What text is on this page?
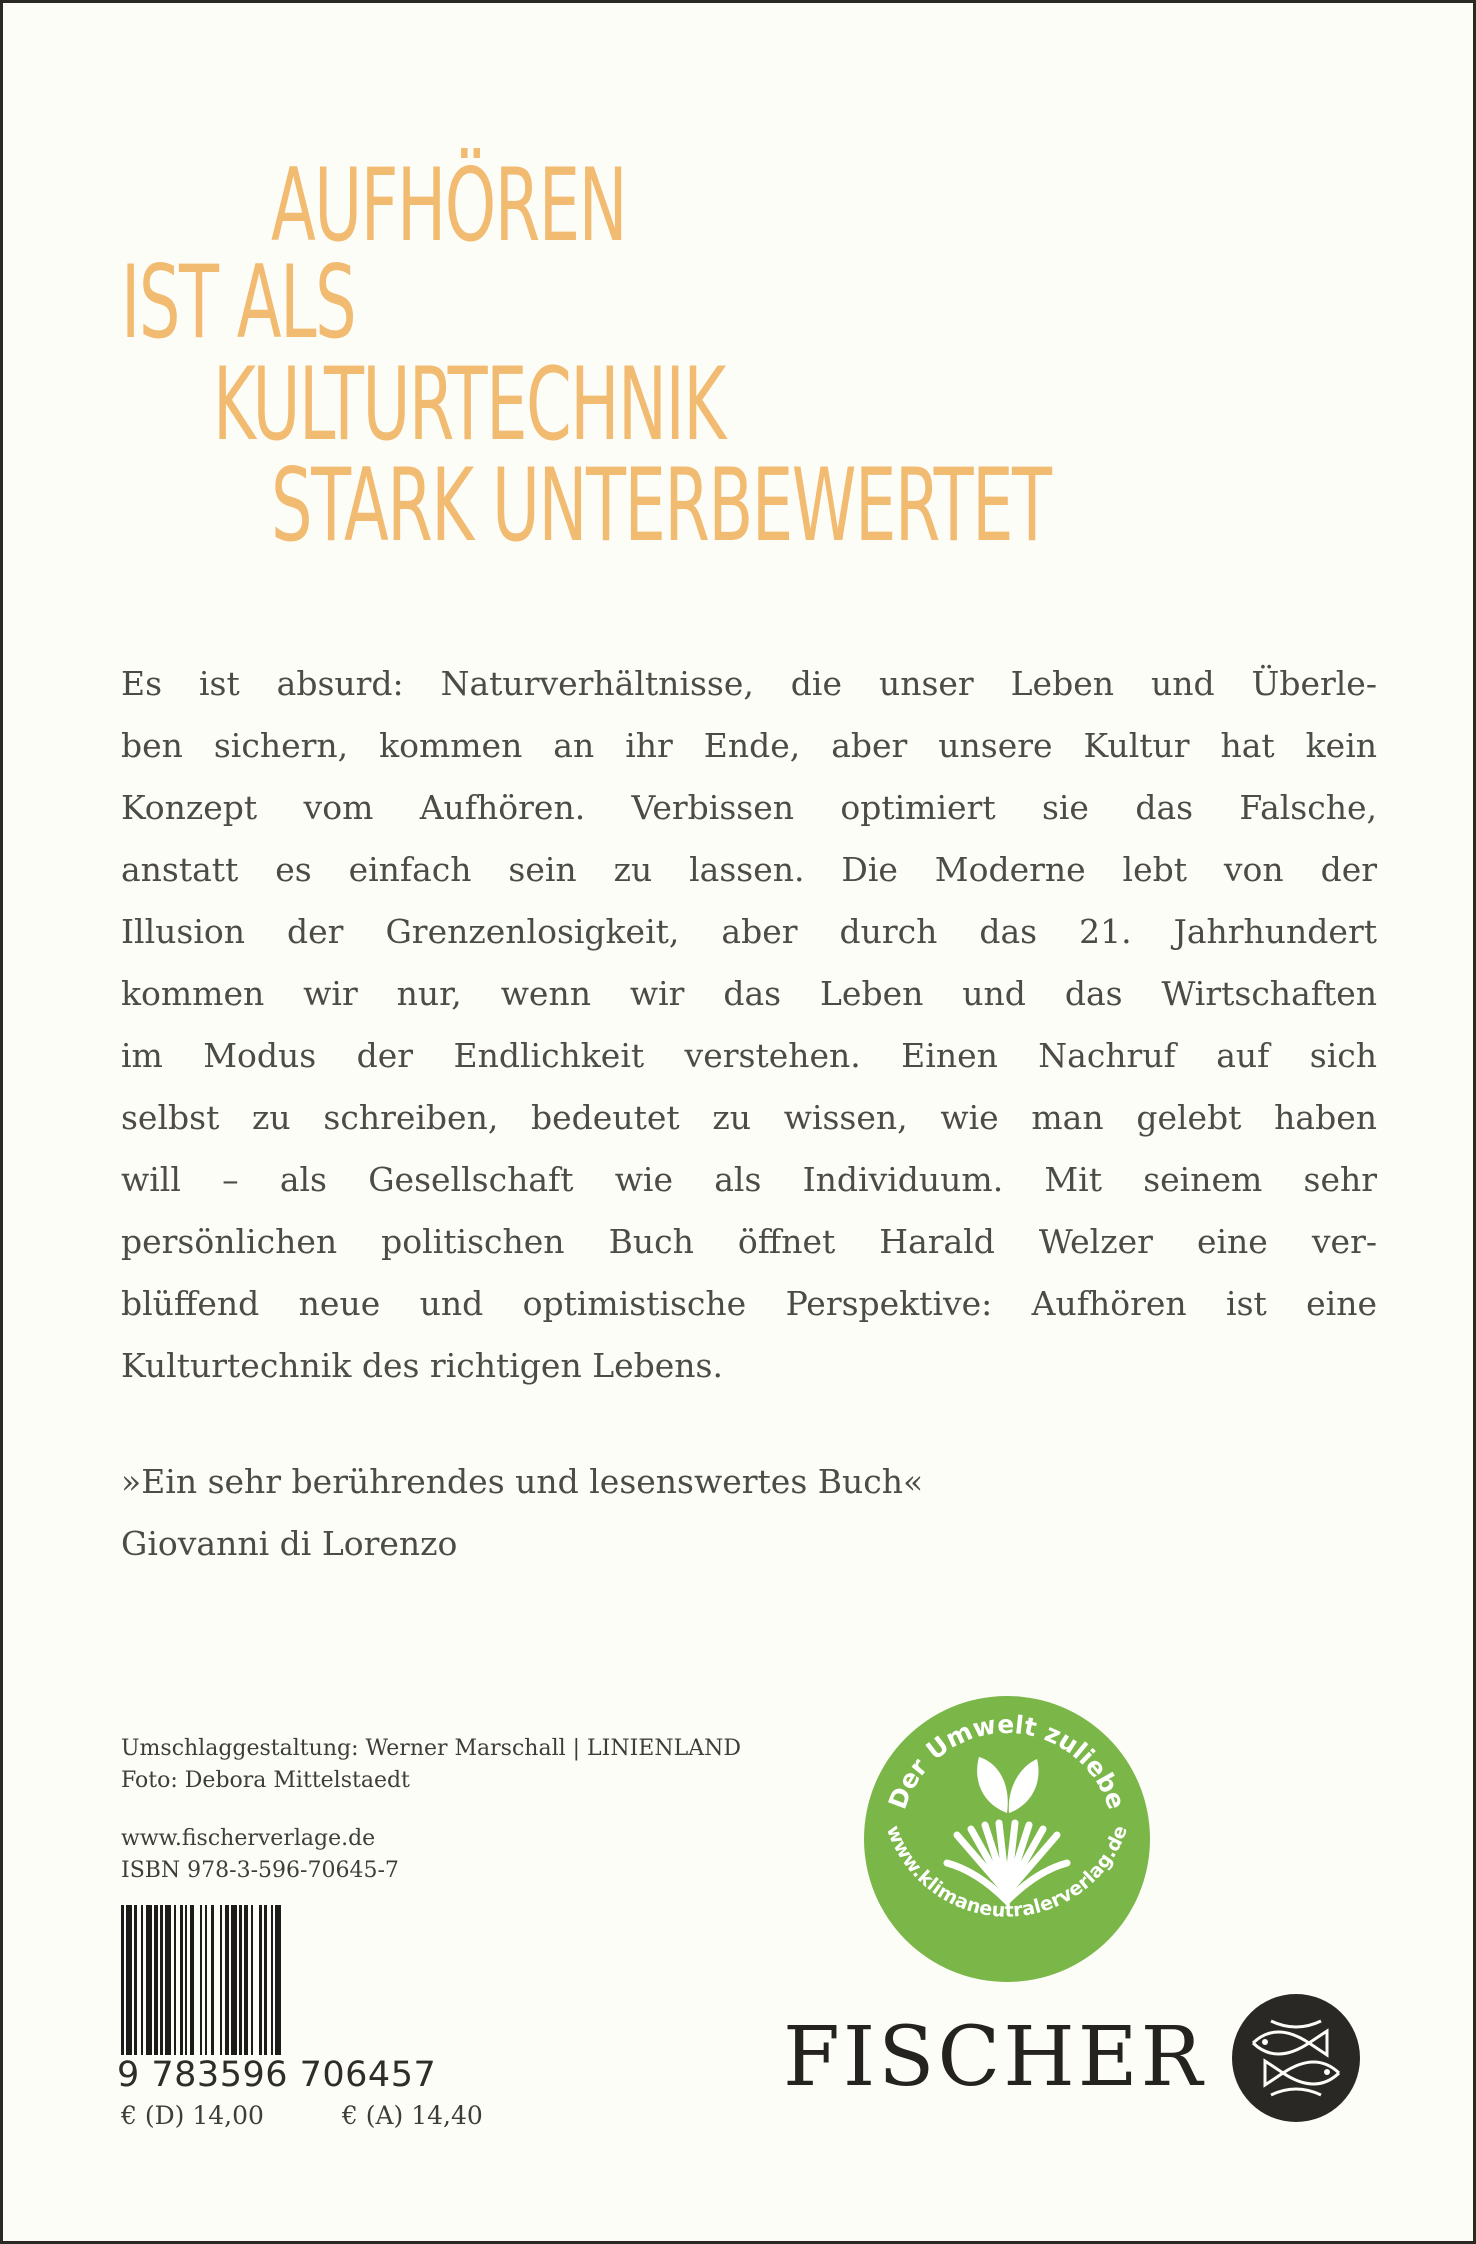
AUFHÖREN
IST ALS
KULTURTECHNIK
STARK UNTERBEWERTET
Es ist absurd: Naturverhältnisse, die unser Leben und Überle-
ben sichern, kommen an ihr Ende, aber unsere Kultur hat kein
Konzept vom Aufhören. Verbissen optimiert sie das Falsche,
anstatt es einfach sein zu lassen. Die Moderne lebt von der
Illusion der Grenzenlosigkeit, aber durch das 21. Jahrhundert
kommen wir nur, wenn wir das Leben und das Wirtschaften
im Modus der Endlichkeit verstehen. Einen Nachruf auf sich
selbst zu schreiben, bedeutet zu wissen, wie man gelebt haben
will – als Gesellschaft wie als Individuum. Mit seinem sehr
persönlichen politischen Buch öffnet Harald Welzer eine ver-
blüffend neue und optimistische Perspektive: Aufhören ist eine
Kulturtechnik des richtigen Lebens.
»Ein sehr berührendes und lesenswertes Buch«
Giovanni di Lorenzo
Umschlaggestaltung: Werner Marschall | LINIENLAND
Foto: Debora Mittelstaedt
www.fischerverlage.de
ISBN 978-3-596-70645-7
9 783596 706457
€ (D) 14,00	€ (A) 14,40
Der Umwelt zuliebe
www.klimaneutralerverlag.de
FISCHER
